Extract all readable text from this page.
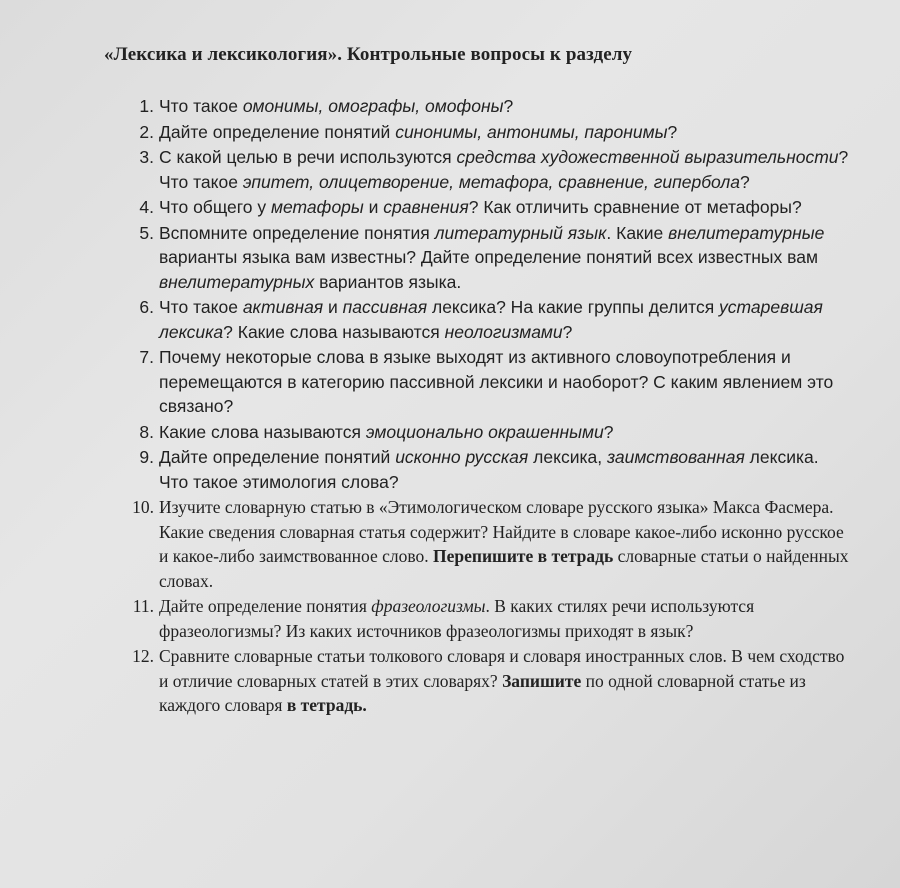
«Лексика и лексикология». Контрольные вопросы к разделу
1. Что такое омонимы, омографы, омофоны?
2. Дайте определение понятий синонимы, антонимы, паронимы?
3. С какой целью в речи используются средства художественной выразительности? Что такое эпитет, олицетворение, метафора, сравнение, гипербола?
4. Что общего у метафоры и сравнения? Как отличить сравнение от метафоры?
5. Вспомните определение понятия литературный язык. Какие внелитературные варианты языка вам известны? Дайте определение понятий всех известных вам внелитературных вариантов языка.
6. Что такое активная и пассивная лексика? На какие группы делится устаревшая лексика? Какие слова называются неологизмами?
7. Почему некоторые слова в языке выходят из активного словоупотребления и перемещаются в категорию пассивной лексики и наоборот? С каким явлением это связано?
8. Какие слова называются эмоционально окрашенными?
9. Дайте определение понятий исконно русская лексика, заимствованная лексика. Что такое этимология слова?
10. Изучите словарную статью в «Этимологическом словаре русского языка» Макса Фасмера. Какие сведения словарная статья содержит? Найдите в словаре какое-либо исконно русское и какое-либо заимствованное слово. Перепишите в тетрадь словарные статьи о найденных словах.
11. Дайте определение понятия фразеологизмы. В каких стилях речи используются фразеологизмы? Из каких источников фразеологизмы приходят в язык?
12. Сравните словарные статьи толкового словаря и словаря иностранных слов. В чем сходство и отличие словарных статей в этих словарях? Запишите по одной словарной статье из каждого словаря в тетрадь.
